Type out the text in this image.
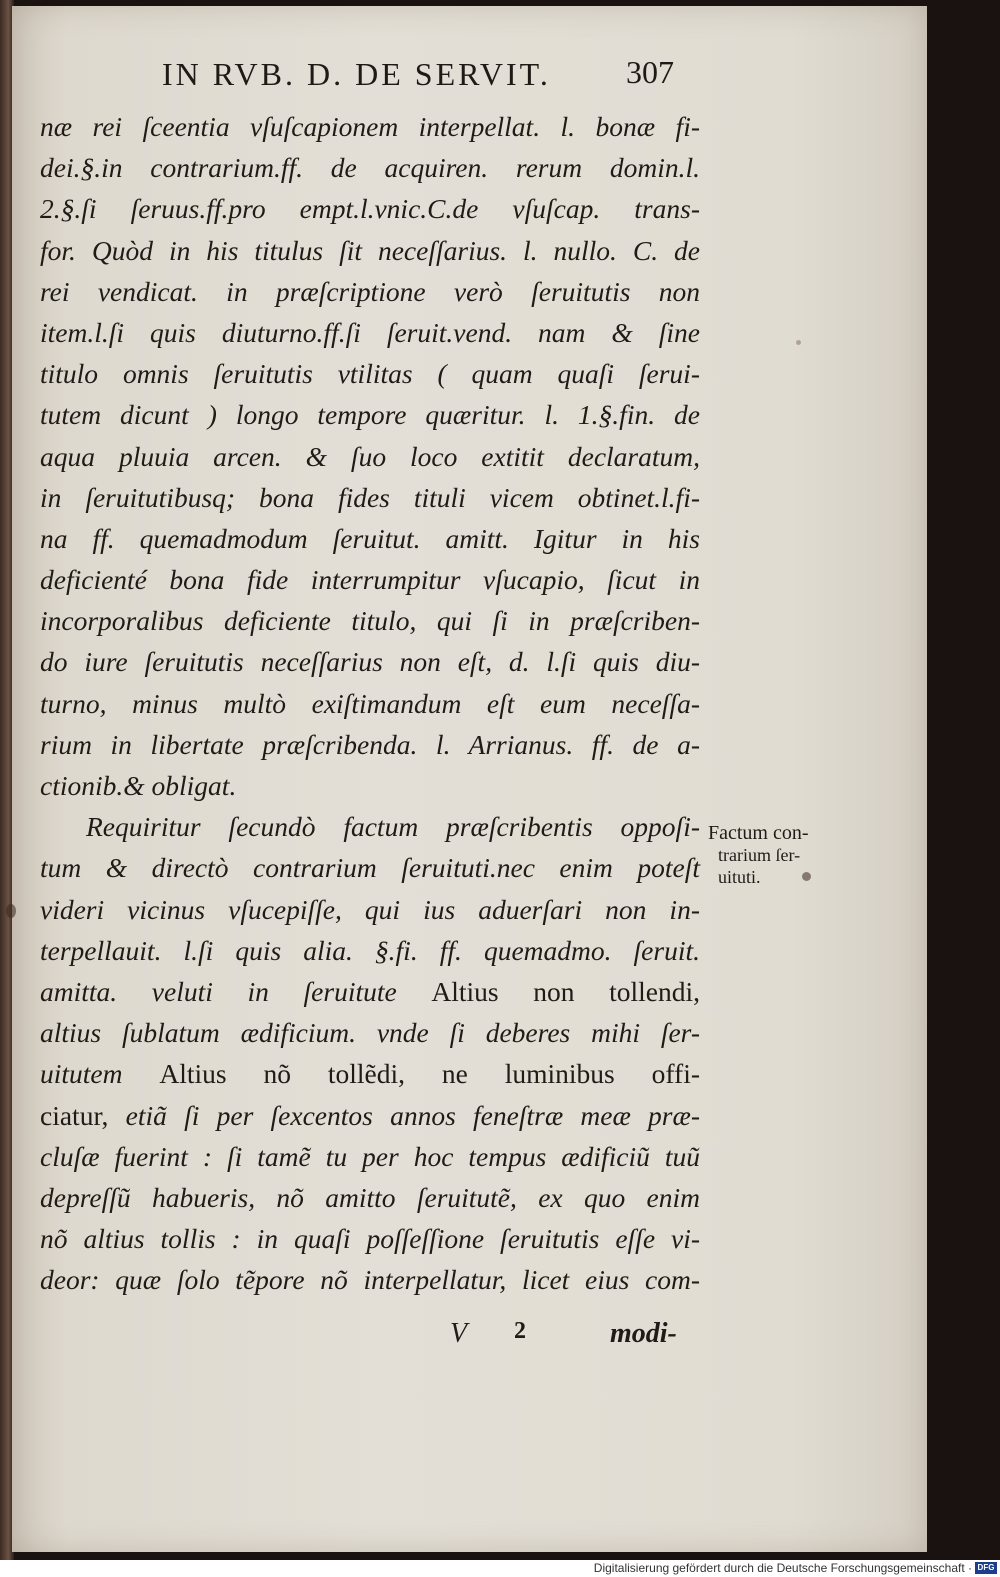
IN RVB. D. DE SERVIT. 307
næ rei ſceentia vſuſcapionem interpellat. l. bonæ fi-
dei.§.in contrarium.ff. de acquiren. rerum domin.l.
2.§.ſi ſeruus.ff.pro empt.l.vnic.C.de vſuſcap. trans-
for. Quòd in his titulus ſit neceſſarius. l. nullo. C. de
rei vendicat. in præſcriptione verò ſeruitutis non
item.l.ſi quis diuturno.ff.ſi ſeruit.vend. nam & ſine
titulo omnis ſeruitutis vtilitas ( quam quaſi ſerui-
tutem dicunt ) longo tempore quæritur. l. 1.§.fin. de
aqua pluuia arcen. & ſuo loco extitit declaratum,
in ſeruitutibusq; bona fides tituli vicem obtinet.l.fi-
na ff. quemadmodum ſeruitut. amitt. Igitur in his
deficienté bona fide interrumpitur vſucapio, ſicut in
incorporalibus deficiente titulo, qui ſi in præſcriben-
do iure ſeruitutis neceſſarius non eſt, d. l.ſi quis diu-
turno, minus multò exiſtimandum eſt eum neceſſa-
rium in libertate præſcribenda. l. Arrianus. ff. de a-
ctionib.& obligat.
Requiritur ſecundò factum præſcribentis oppoſi-
tum & directò contrarium ſeruituti.nec enim poteſt
videri vicinus vſucepiſſe, qui ius aduerſari non in-
terpellauit. l.ſi quis alia. §.fi. ff. quemadmo. ſeruit.
amitta. veluti in ſeruitute Altius non tollendi,
altius ſublatum ædificium. vnde ſi deberes mihi ſer-
uitutem Altius nõ tollẽdi, ne luminibus offi-
ciatur, etiã ſi per ſexcentos annos feneſtræ meæ præ-
cluſæ fuerint : ſi tamẽ tu per hoc tempus ædificiũ tuũ
depreſſũ habueris, nõ amitto ſeruitutẽ, ex quo enim
nõ altius tollis : in quaſi poſſeſſione ſeruitutis eſſe vi-
deor: quæ ſolo tẽpore nõ interpellatur, licet eius com-
Factum con-
trarium ſer-
uituti.
V 2	modi-
Digitalisierung gefördert durch die Deutsche Forschungsgemeinschaft · DFG
